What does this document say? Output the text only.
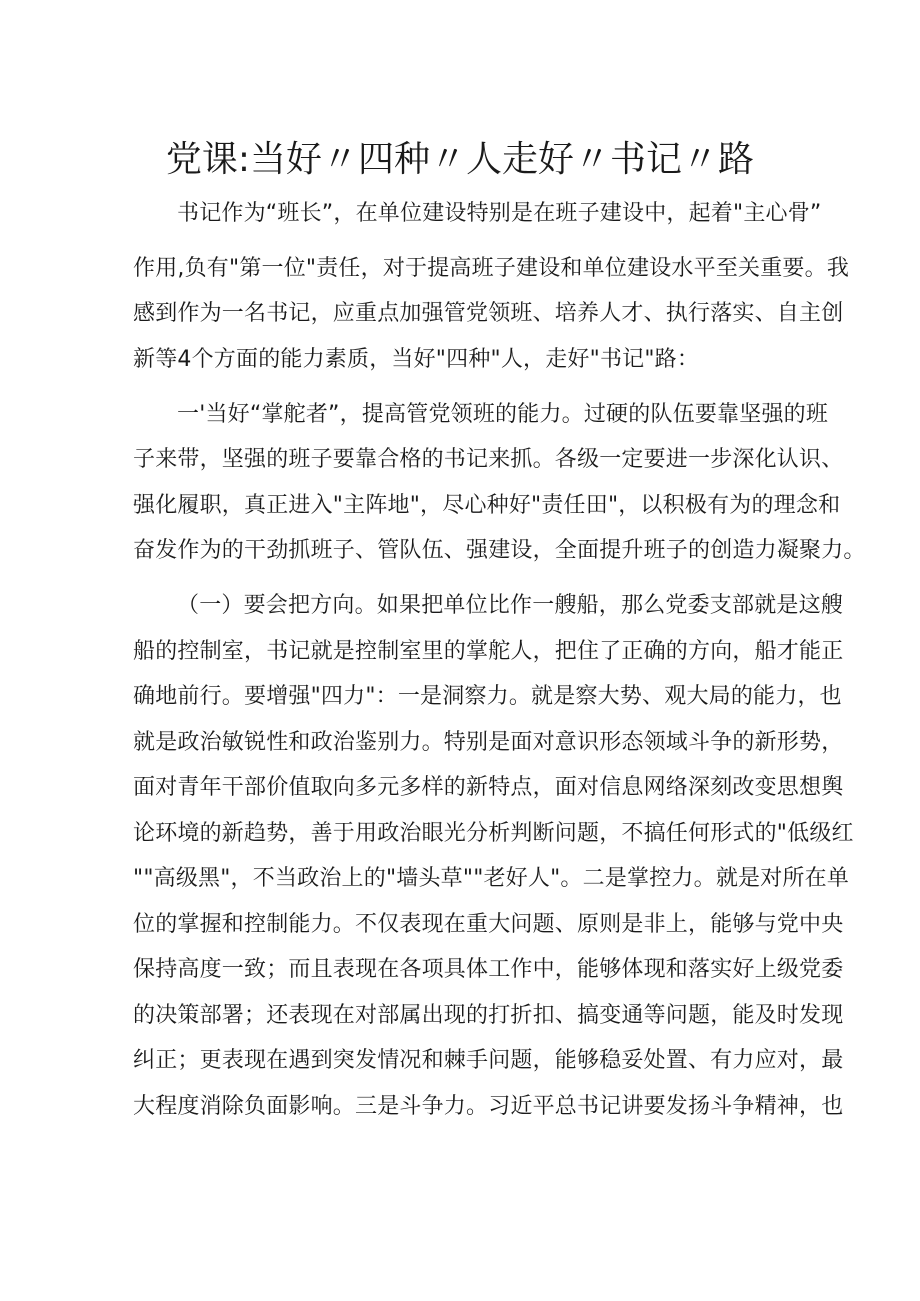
党课:当好〃四种〃人走好〃书记〃路
书记作为“班长”，在单位建设特别是在班子建设中，起着"主心骨”
作用,负有"第一位"责任，对于提高班子建设和单位建设水平至关重要。我
感到作为一名书记，应重点加强管党领班、培养人才、执行落实、自主创
新等4个方面的能力素质，当好"四种"人，走好"书记"路：
一'当好“掌舵者”，提高管党领班的能力。过硬的队伍要靠坚强的班
子来带，坚强的班子要靠合格的书记来抓。各级一定要进一步深化认识、
强化履职，真正进入"主阵地"，尽心种好"责任田"，以积极有为的理念和
奋发作为的干劲抓班子、管队伍、强建设，全面提升班子的创造力凝聚力。
（一）要会把方向。如果把单位比作一艘船，那么党委支部就是这艘
船的控制室，书记就是控制室里的掌舵人，把住了正确的方向，船才能正
确地前行。要增强"四力"：一是洞察力。就是察大势、观大局的能力，也
就是政治敏锐性和政治鉴别力。特别是面对意识形态领域斗争的新形势，
面对青年干部价值取向多元多样的新特点，面对信息网络深刻改变思想舆
论环境的新趋势，善于用政治眼光分析判断问题，不搞任何形式的"低级红
""高级黑"，不当政治上的"墙头草""老好人"。二是掌控力。就是对所在单
位的掌握和控制能力。不仅表现在重大问题、原则是非上，能够与党中央
保持高度一致；而且表现在各项具体工作中，能够体现和落实好上级党委
的决策部署；还表现在对部属出现的打折扣、搞变通等问题，能及时发现
纠正；更表现在遇到突发情况和棘手问题，能够稳妥处置、有力应对，最
大程度消除负面影响。三是斗争力。习近平总书记讲要发扬斗争精神，也
